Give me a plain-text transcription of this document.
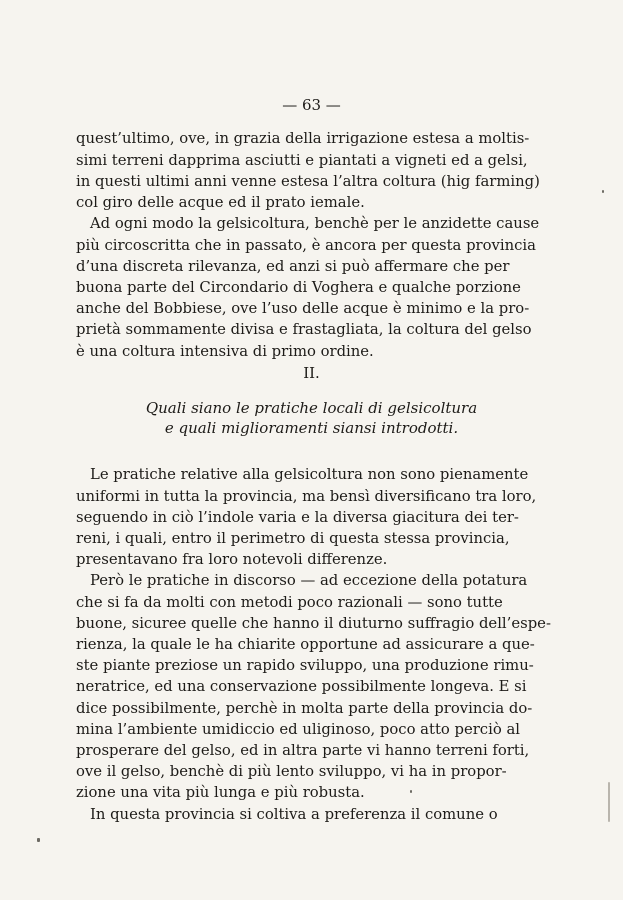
— 63 —

quest’ultimo, ove, in grazia della irrigazione estesa a moltis-

simi terreni dapprima asciutti e piantati a vigneti ed a gelsi,

in questi ultimi anni venne estesa l’altra coltura (hig farming)

col giro delle acque ed il prato iemale.

Ad ogni modo la gelsicoltura, benchè per le anzidette cause

più circoscritta che in passato, è ancora per questa provincia

d’una discreta rilevanza, ed anzi si può affermare che per

buona parte del Circondario di Voghera e qualche porzione

anche del Bobbiese, ove l’uso delle acque è minimo e la pro-

prietà sommamente divisa e frastagliata, la coltura del gelso

è una coltura intensiva di primo ordine.

II.
Quali siano le pratiche locali di gelsicoltura
e quali miglioramenti siansi introdotti.

Le pratiche relative alla gelsicoltura non sono pienamente

uniformi in tutta la provincia, ma bensì diversificano tra loro,

seguendo in ciò l’indole varia e la diversa giacitura dei ter-

reni, i quali, entro il perimetro di questa stessa provincia,

presentavano fra loro notevoli differenze.

Però le pratiche in discorso — ad eccezione della potatura

che si fa da molti con metodi poco razionali — sono tutte

buone, sicuree quelle che hanno il diuturno suffragio dell’espe-

rienza, la quale le ha chiarite opportune ad assicurare a que-

ste piante preziose un rapido sviluppo, una produzione rimu-

neratrice, ed una conservazione possibilmente longeva. E si

dice possibilmente, perchè in molta parte della provincia do-

mina l’ambiente umidiccio ed uliginoso, poco atto perciò al

prosperare del gelso, ed in altra parte vi hanno terreni forti,

ove il gelso, benchè di più lento sviluppo, vi ha in propor-

zione una vita più lunga e più robusta.

In questa provincia si coltiva a preferenza il comune o
